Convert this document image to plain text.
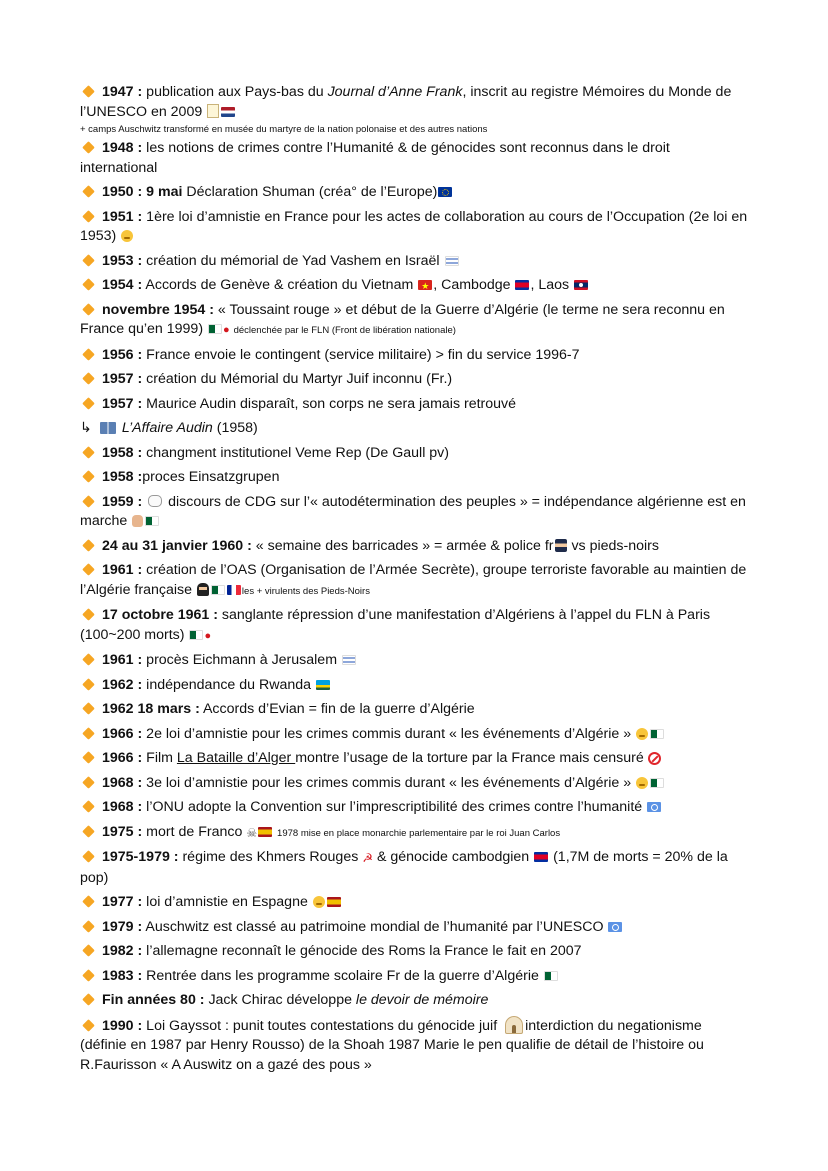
1947 : publication aux Pays-bas du Journal d’Anne Frank, inscrit au registre Mémoires du Monde de l’UNESCO en 2009
+ camps Auschwitz transformé en musée du martyre de la nation polonaise et des autres nations
1948 : les notions de crimes contre l’Humanité & de génocides sont reconnus dans le droit international
1950 : 9 mai Déclaration Shuman (créa° de l’Europe)
1951 : 1ère loi d’amnistie en France pour les actes de collaboration au cours de l’Occupation (2e loi en 1953)
1953 : création du mémorial de Yad Vashem en Israël
1954 : Accords de Genève & création du Vietnam ★, Cambodge , Laos
novembre 1954 : « Toussaint rouge » et début de la Guerre d’Algérie (le terme ne sera reconnu en France qu’en 1999) ● déclenchée par le FLN (Front de libération nationale)
1956 : France envoie le contingent (service militaire) > fin du service 1996-7
1957 : création du Mémorial du Martyr Juif inconnu (Fr.)
1957 : Maurice Audin disparaît, son corps ne sera jamais retrouvé
↳ L’Affaire Audin (1958)
1958 : changment institutionel Veme Rep (De Gaull pv)
1958 :proces Einsatzgrupen
1959 :  discours de CDG sur l’« autodétermination des peuples » = indépendance algérienne est en marche
24 au 31 janvier 1960 : « semaine des barricades » = armée & police fr vs pieds-noirs
1961 : création de l’OAS (Organisation de l’Armée Secrète), groupe terroriste favorable au maintien de l’Algérie française	les + virulents des Pieds-Noirs
17 octobre 1961 : sanglante répression d’une manifestation d’Algériens à l’appel du FLN à Paris (100~200 morts) ●
1961 : procès Eichmann à Jerusalem
1962 : indépendance du Rwanda
1962 18 mars : Accords d’Evian = fin de la guerre d’Algérie
1966 : 2e loi d’amnistie pour les crimes commis durant « les événements d’Algérie »
1966 : Film La Bataille d’Alger montre l’usage de la torture par la France mais censuré
1968 : 3e loi d’amnistie pour les crimes commis durant « les événements d’Algérie »
1968 : l’ONU adopte la Convention sur l’imprescriptibilité des crimes contre l’humanité
1975 : mort de Franco ☠ 1978 mise en place monarchie parlementaire par le roi Juan Carlos
1975-1979 : régime des Khmers Rouges ☭ & génocide cambodgien  (1,7M de morts = 20% de la pop)
1977 : loi d’amnistie en Espagne
1979 : Auschwitz est classé au patrimoine mondial de l’humanité par l’UNESCO
1982 : l’allemagne reconnaît le génocide des Roms la France le fait en 2007
1983 : Rentrée dans les programme scolaire Fr de la guerre d’Algérie
Fin années 80 : Jack Chirac développe le devoir de mémoire
1990 : Loi Gayssot : punit toutes contestations du génocide juif interdiction du negationisme (définie en 1987 par Henry Rousso) de la Shoah 1987 Marie le pen qualifie de détail de l’histoire ou R.Faurisson « A Auswitz on a gazé des pous »
